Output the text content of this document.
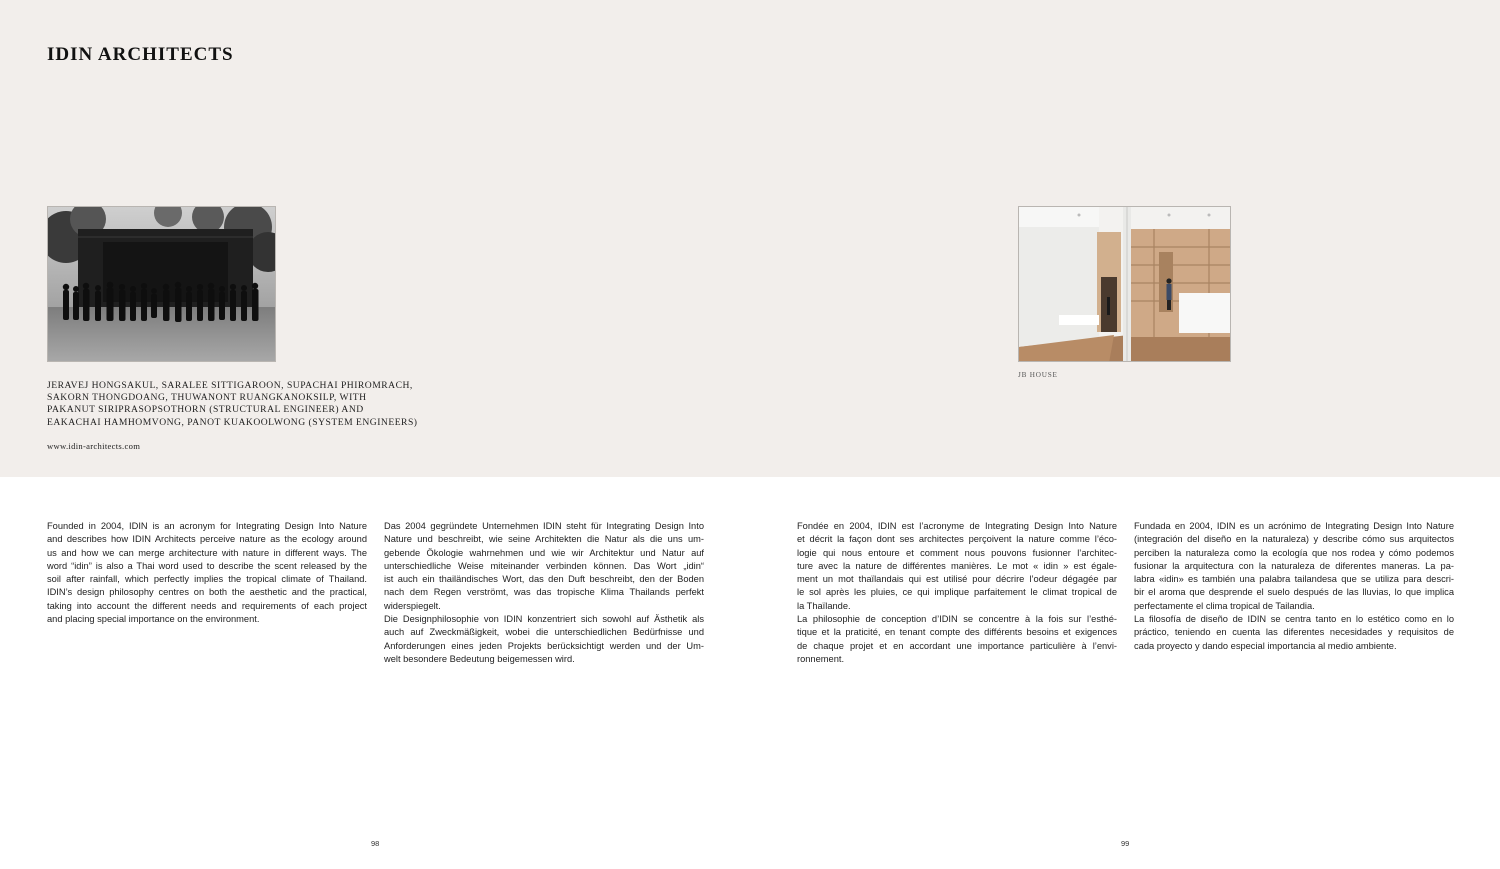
IDIN ARCHITECTS

JERAVEJ HONGSAKUL, SARALEE SITTIGAROON, SUPACHAI PHIROMRACH,
SAKORN THONGDOANG, THUWANONT RUANGKANOKSILP, WITH
PAKANUT SIRIPRASOPSOTHORN (STRUCTURAL ENGINEER) AND
EAKACHAI HAMHOMVONG, PANOT KUAKOOLWONG (SYSTEM ENGINEERS)

www.idin-architects.com

JB HOUSE

Founded in 2004, IDIN is an acronym for Integrating Design Into Nature
and describes how IDIN Architects perceive nature as the ecology around
us and how we can merge architecture with nature in different ways. The
word “idin” is also a Thai word used to describe the scent released by the
soil after rainfall, which perfectly implies the tropical climate of Thailand.
IDIN’s design philosophy centres on both the aesthetic and the practical,
taking into account the different needs and requirements of each project
and placing special importance on the environment.

Das 2004 gegründete Unternehmen IDIN steht für Integrating Design Into
Nature und beschreibt, wie seine Architekten die Natur als die uns um-
gebende Ökologie wahrnehmen und wie wir Architektur und Natur auf
unterschiedliche Weise miteinander verbinden können. Das Wort „idin“
ist auch ein thailändisches Wort, das den Duft beschreibt, den der Boden
nach dem Regen verströmt, was das tropische Klima Thailands perfekt
widerspiegelt.

Die Designphilosophie von IDIN konzentriert sich sowohl auf Ästhetik als
auch auf Zweckmäßigkeit, wobei die unterschiedlichen Bedürfnisse und
Anforderungen eines jeden Projekts berücksichtigt werden und der Um-
welt besondere Bedeutung beigemessen wird.

Fondée en 2004, IDIN est l’acronyme de Integrating Design Into Nature
et décrit la façon dont ses architectes perçoivent la nature comme l’éco-
logie qui nous entoure et comment nous pouvons fusionner l’architec-
ture avec la nature de différentes manières. Le mot « idin » est égale-
ment un mot thaïlandais qui est utilisé pour décrire l’odeur dégagée par
le sol après les pluies, ce qui implique parfaitement le climat tropical de
la Thaïlande.

La philosophie de conception d’IDIN se concentre à la fois sur l’esthé-
tique et la praticité, en tenant compte des différents besoins et exigences
de chaque projet et en accordant une importance particulière à l’envi-
ronnement.

Fundada en 2004, IDIN es un acrónimo de Integrating Design Into Nature
(integración del diseño en la naturaleza) y describe cómo sus arquitectos
perciben la naturaleza como la ecología que nos rodea y cómo podemos
fusionar la arquitectura con la naturaleza de diferentes maneras. La pa-
labra «idin» es también una palabra tailandesa que se utiliza para descri-
bir el aroma que desprende el suelo después de las lluvias, lo que implica
perfectamente el clima tropical de Tailandia.

La filosofía de diseño de IDIN se centra tanto en lo estético como en lo
práctico, teniendo en cuenta las diferentes necesidades y requisitos de
cada proyecto y dando especial importancia al medio ambiente.

98	99
